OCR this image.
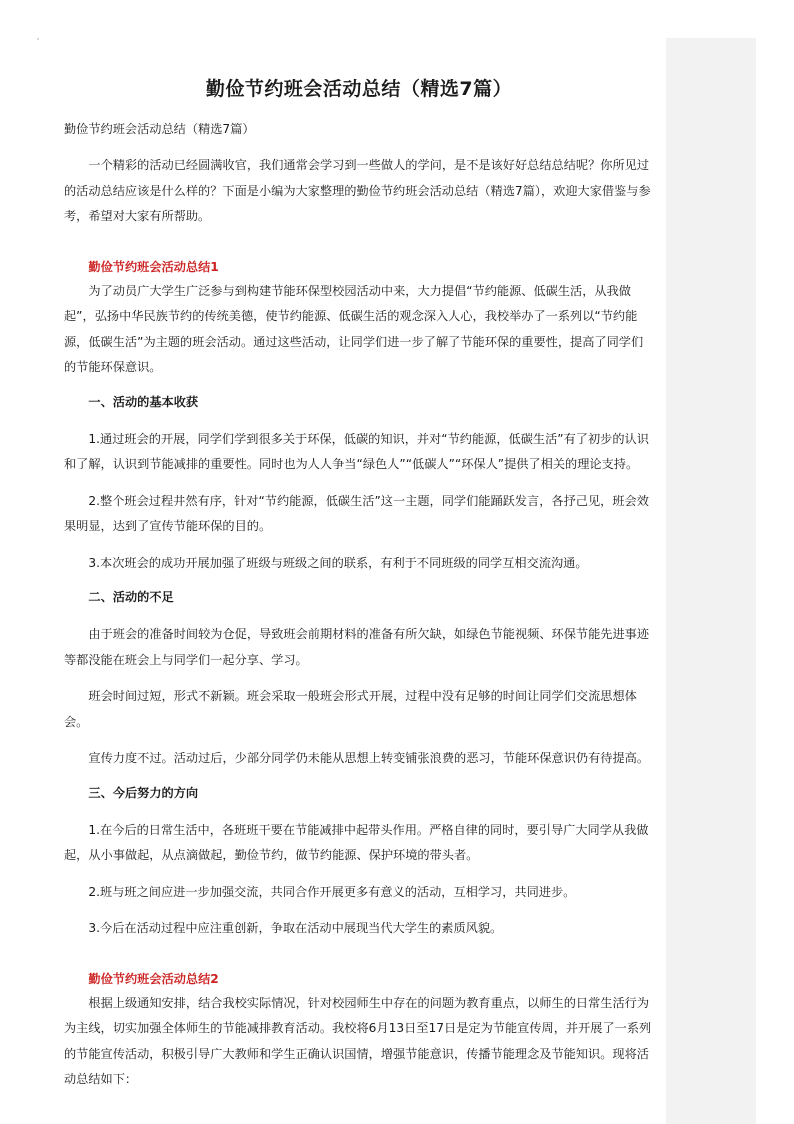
勤俭节约班会活动总结（精选7篇）

勤俭节约班会活动总结（精选7篇）

一个精彩的活动已经圆满收官，我们通常会学习到一些做人的学问，是不是该好好总结总结呢？你所见过的活动总结应该是什么样的？下面是小编为大家整理的勤俭节约班会活动总结（精选7篇），欢迎大家借鉴与参考，希望对大家有所帮助。

勤俭节约班会活动总结1

为了动员广大学生广泛参与到构建节能环保型校园活动中来，大力提倡“节约能源、低碳生活，从我做起”，弘扬中华民族节约的传统美德，使节约能源、低碳生活的观念深入人心，我校举办了一系列以“节约能源，低碳生活”为主题的班会活动。通过这些活动，让同学们进一步了解了节能环保的重要性，提高了同学们的节能环保意识。

一、活动的基本收获

1.通过班会的开展，同学们学到很多关于环保，低碳的知识，并对“节约能源，低碳生活”有了初步的认识和了解，认识到节能减排的重要性。同时也为人人争当“绿色人”“低碳人”“环保人”提供了相关的理论支持。

2.整个班会过程井然有序，针对“节约能源，低碳生活”这一主题，同学们能踊跃发言，各抒己见，班会效果明显，达到了宣传节能环保的目的。

3.本次班会的成功开展加强了班级与班级之间的联系，有利于不同班级的同学互相交流沟通。

二、活动的不足

由于班会的准备时间较为仓促，导致班会前期材料的准备有所欠缺，如绿色节能视频、环保节能先进事迹等都没能在班会上与同学们一起分享、学习。

班会时间过短，形式不新颖。班会采取一般班会形式开展，过程中没有足够的时间让同学们交流思想体会。

宣传力度不过。活动过后，少部分同学仍未能从思想上转变铺张浪费的恶习，节能环保意识仍有待提高。

三、今后努力的方向

1.在今后的日常生活中，各班班干要在节能减排中起带头作用。严格自律的同时，要引导广大同学从我做起，从小事做起，从点滴做起，勤俭节约，做节约能源、保护环境的带头者。

2.班与班之间应进一步加强交流，共同合作开展更多有意义的活动，互相学习，共同进步。

3.今后在活动过程中应注重创新，争取在活动中展现当代大学生的素质风貌。

勤俭节约班会活动总结2

根据上级通知安排，结合我校实际情况，针对校园师生中存在的问题为教育重点，以师生的日常生活行为为主线，切实加强全体师生的节能减排教育活动。我校将6月13日至17日是定为节能宣传周，并开展了一系列的节能宣传活动，积极引导广大教师和学生正确认识国情，增强节能意识，传播节能理念及节能知识。现将活动总结如下：
